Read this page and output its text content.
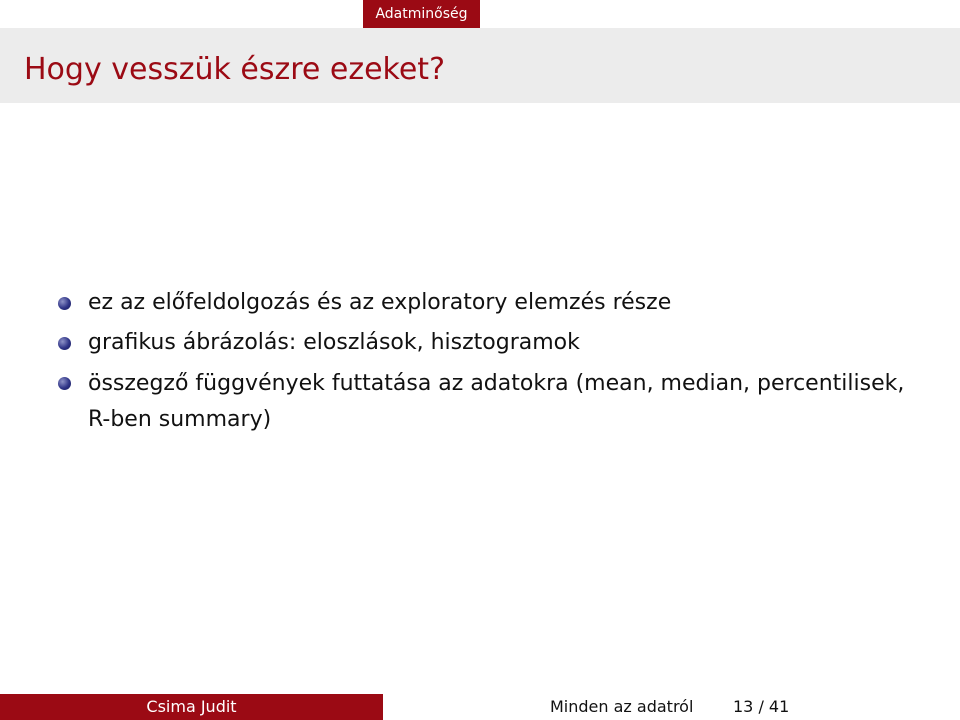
Adatminőség
Hogy vesszük észre ezeket?
ez az előfeldolgozás és az exploratory elemzés része
grafikus ábrázolás: eloszlások, hisztogramok
összegző függvények futtatása az adatokra (mean, median, percentilisek, R-ben summary)
Csima Judit	Minden az adatról 13 / 41
